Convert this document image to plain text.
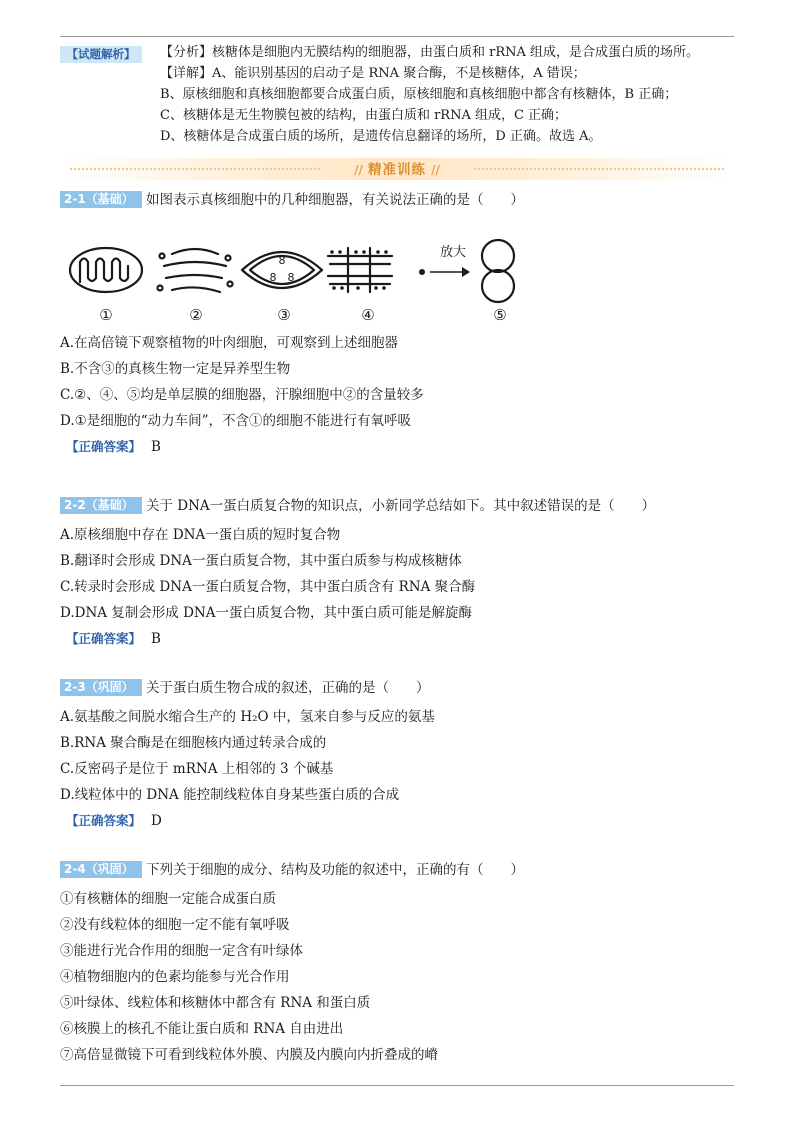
【试题解析】	【分析】核糖体是细胞内无膜结构的细胞器，由蛋白质和 rRNA 组成，是合成蛋白质的场所。
【详解】A、能识别基因的启动子是 RNA 聚合酶，不是核糖体，A 错误；
B、原核细胞和真核细胞都要合成蛋白质，原核细胞和真核细胞中都含有核糖体，B 正确；
C、核糖体是无生物膜包被的结构，由蛋白质和 rRNA 组成，C 正确；
D、核糖体是合成蛋白质的场所，是遗传信息翻译的场所，D 正确。故选 A。
// 精准训练 //
2-1（基础） 如图表示真核细胞中的几种细胞器，有关说法正确的是（　　）
8
8 8
放大
①	②	③	④	⑤
A.在高倍镜下观察植物的叶肉细胞，可观察到上述细胞器
B.不含③的真核生物一定是异养型生物
C.②、④、⑤均是单层膜的细胞器，汗腺细胞中②的含量较多
D.①是细胞的“动力车间”，不含①的细胞不能进行有氧呼吸
【正确答案】 B
2-2（基础） 关于 DNA一蛋白质复合物的知识点，小新同学总结如下。其中叙述错误的是（　　）
A.原核细胞中存在 DNA一蛋白质的短时复合物
B.翻译时会形成 DNA一蛋白质复合物，其中蛋白质参与构成核糖体
C.转录时会形成 DNA一蛋白质复合物，其中蛋白质含有 RNA 聚合酶
D.DNA 复制会形成 DNA一蛋白质复合物，其中蛋白质可能是解旋酶
【正确答案】 B
2-3（巩固） 关于蛋白质生物合成的叙述，正确的是（　　）
A.氨基酸之间脱水缩合生产的 H₂O 中，氢来自参与反应的氨基
B.RNA 聚合酶是在细胞核内通过转录合成的
C.反密码子是位于 mRNA 上相邻的 3 个碱基
D.线粒体中的 DNA 能控制线粒体自身某些蛋白质的合成
【正确答案】 D
2-4（巩固） 下列关于细胞的成分、结构及功能的叙述中，正确的有（　　）
①有核糖体的细胞一定能合成蛋白质
②没有线粒体的细胞一定不能有氧呼吸
③能进行光合作用的细胞一定含有叶绿体
④植物细胞内的色素均能参与光合作用
⑤叶绿体、线粒体和核糖体中都含有 RNA 和蛋白质
⑥核膜上的核孔不能让蛋白质和 RNA 自由进出
⑦高倍显微镜下可看到线粒体外膜、内膜及内膜向内折叠成的嵴
